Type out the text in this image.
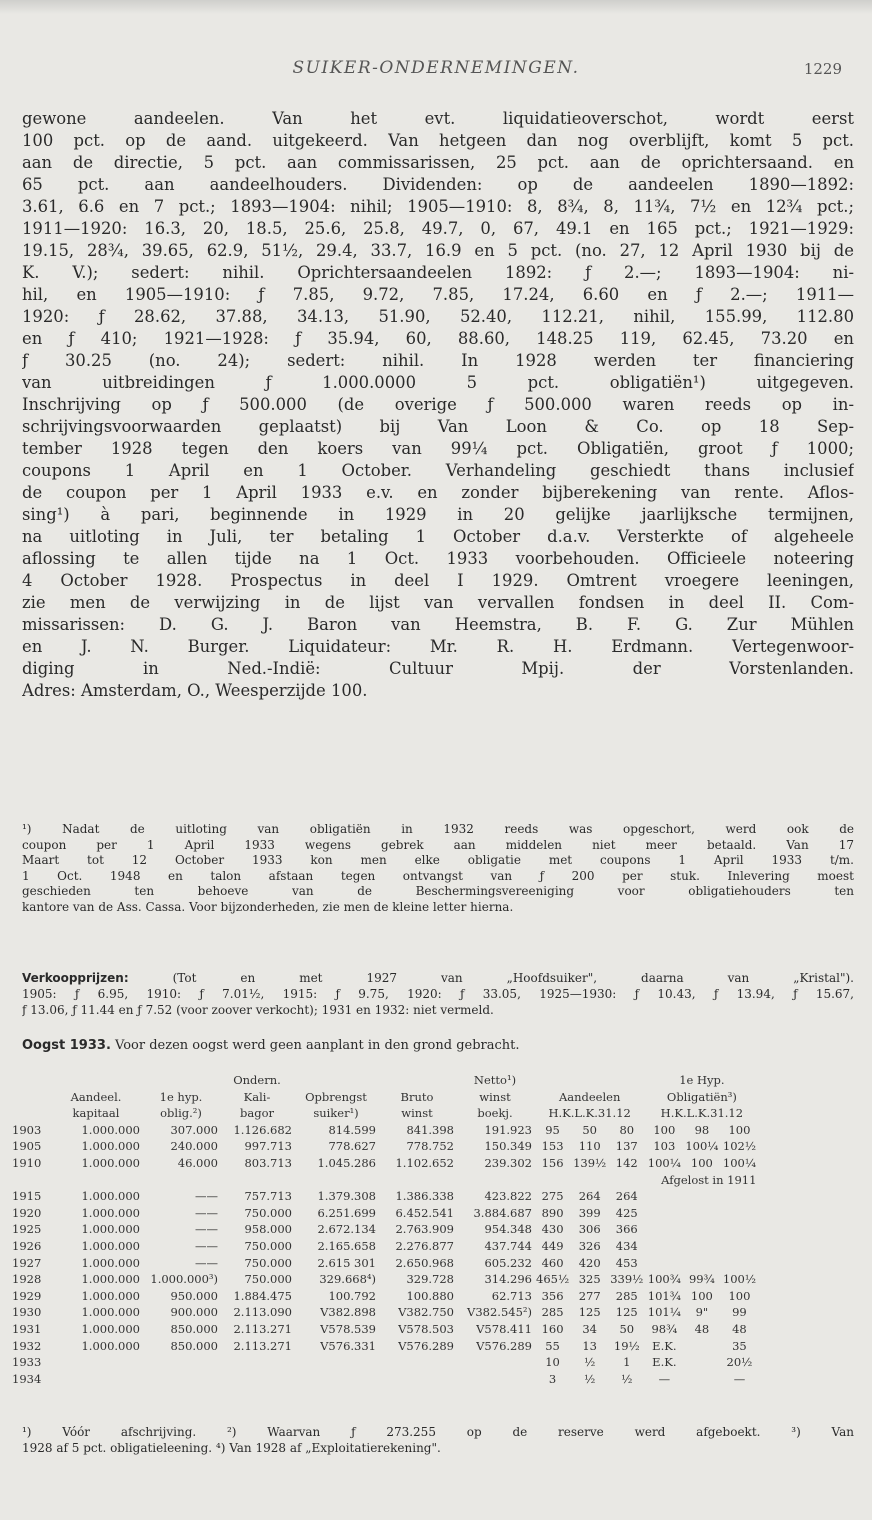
SUIKER-ONDERNEMINGEN.	1229
gewone aandeelen. Van het evt. liquidatieoverschot, wordt eerst
100 pct. op de aand. uitgekeerd. Van hetgeen dan nog overblijft, komt 5 pct.
aan de directie, 5 pct. aan commissarissen, 25 pct. aan de oprichtersaand. en
65 pct. aan aandeelhouders. Dividenden: op de aandeelen 1890—1892:
3.61, 6.6 en 7 pct.; 1893—1904: nihil; 1905—1910: 8, 8¾, 8, 11¾, 7½ en 12¾ pct.;
1911—1920: 16.3, 20, 18.5, 25.6, 25.8, 49.7, 0, 67, 49.1 en 165 pct.; 1921—1929:
19.15, 28¾, 39.65, 62.9, 51½, 29.4, 33.7, 16.9 en 5 pct. (no. 27, 12 April 1930 bij de
K. V.); sedert: nihil. Oprichtersaandeelen 1892: ƒ 2.—; 1893—1904: ni-
hil, en 1905—1910: ƒ 7.85, 9.72, 7.85, 17.24, 6.60 en ƒ 2.—; 1911—
1920: ƒ 28.62, 37.88, 34.13, 51.90, 52.40, 112.21, nihil, 155.99, 112.80
en ƒ 410; 1921—1928: ƒ 35.94, 60, 88.60, 148.25 119, 62.45, 73.20 en
ƒ 30.25 (no. 24); sedert: nihil. In 1928 werden ter financiering
van uitbreidingen ƒ 1.000.0000 5 pct. obligatiën¹) uitgegeven.
Inschrijving op ƒ 500.000 (de overige ƒ 500.000 waren reeds op in-
schrijvingsvoorwaarden geplaatst) bij Van Loon & Co. op 18 Sep-
tember 1928 tegen den koers van 99¼ pct. Obligatiën, groot ƒ 1000;
coupons 1 April en 1 October. Verhandeling geschiedt thans inclusief
de coupon per 1 April 1933 e.v. en zonder bijberekening van rente. Aflos-
sing¹) à pari, beginnende in 1929 in 20 gelijke jaarlijksche termijnen,
na uitloting in Juli, ter betaling 1 October d.a.v. Versterkte of algeheele
aflossing te allen tijde na 1 Oct. 1933 voorbehouden. Officieele noteering
4 October 1928. Prospectus in deel I 1929. Omtrent vroegere leeningen,
zie men de verwijzing in de lijst van vervallen fondsen in deel II. Com-
missarissen: D. G. J. Baron van Heemstra, B. F. G. Zur Mühlen
en J. N. Burger. Liquidateur: Mr. R. H. Erdmann. Vertegenwoor-
diging in Ned.-Indië: Cultuur Mpij. der Vorstenlanden.
Adres: Amsterdam, O., Weesperzijde 100.
¹) Nadat de uitloting van obligatiën in 1932 reeds was opgeschort, werd ook de
coupon per 1 April 1933 wegens gebrek aan middelen niet meer betaald. Van 17
Maart tot 12 October 1933 kon men elke obligatie met coupons 1 April 1933 t/m.
1 Oct. 1948 en talon afstaan tegen ontvangst van ƒ 200 per stuk. Inlevering moest
geschieden ten behoeve van de Beschermingsvereeniging voor obligatiehouders ten
kantore van de Ass. Cassa. Voor bijzonderheden, zie men de kleine letter hierna.
Verkoopprijzen:	(Tot en met 1927 van „Hoofdsuiker", daarna van „Kristal").
1905: ƒ 6.95, 1910: ƒ 7.01½, 1915: ƒ 9.75, 1920: ƒ 33.05, 1925—1930: ƒ 10.43, ƒ 13.94, ƒ 15.67,
ƒ 13.06, ƒ 11.44 en ƒ 7.52 (voor zoover verkocht); 1931 en 1932: niet vermeld.
Oogst 1933. Voor dezen oogst werd geen aanplant in den grond gebracht.
			Ondern.			Netto¹)				1e Hyp.		
	Aandeel.	1e hyp.	Kali-	Opbrengst	Bruto	winst	Aandeelen			Obligatiën³)		
	kapitaal	oblig.²)	bagor	suiker¹)	winst	boekj.	H.K.L.K.31.12			H.K.L.K.31.12		
1903	1.000.000	307.000	1.126.682	814.599	841.398	191.923	95	50	80	100	98	100
1905	1.000.000	240.000	997.713	778.627	778.752	150.349	153	110	137	103	100¼	102½
1910	1.000.000	46.000	803.713	1.045.286	1.102.652	239.302	156	139½	142	100¼	100	100¼
										Afgelost in 1911		
1915	1.000.000	——	757.713	1.379.308	1.386.338	423.822	275	264	264			
1920	1.000.000	——	750.000	6.251.699	6.452.541	3.884.687	890	399	425			
1925	1.000.000	——	958.000	2.672.134	2.763.909	954.348	430	306	366			
1926	1.000.000	——	750.000	2.165.658	2.276.877	437.744	449	326	434			
1927	1.000.000	——	750.000	2.615 301	2.650.968	605.232	460	420	453			
1928	1.000.000	1.000.000³)	750.000	329.668⁴)	329.728	314.296	465½	325	339½	100¾	99¾	100½
1929	1.000.000	950.000	1.884.475	100.792	100.880	62.713	356	277	285	101¾	100	100
1930	1.000.000	900.000	2.113.090	V382.898	V382.750	V382.545²)	285	125	125	101¼	9"	99
1931	1.000.000	850.000	2.113.271	V578.539	V578.503	V578.411	160	34	50	98¾	48	48
1932	1.000.000	850.000	2.113.271	V576.331	V576.289	V576.289	55	13	19½	E.K.		35
1933							10	½	1	E.K.		20½
1934							3	½	½	—		—
¹) Vóór afschrijving. ²) Waarvan ƒ 273.255 op de reserve werd afgeboekt. ³) Van
1928 af 5 pct. obligatieleening. ⁴) Van 1928 af „Exploitatierekening".
